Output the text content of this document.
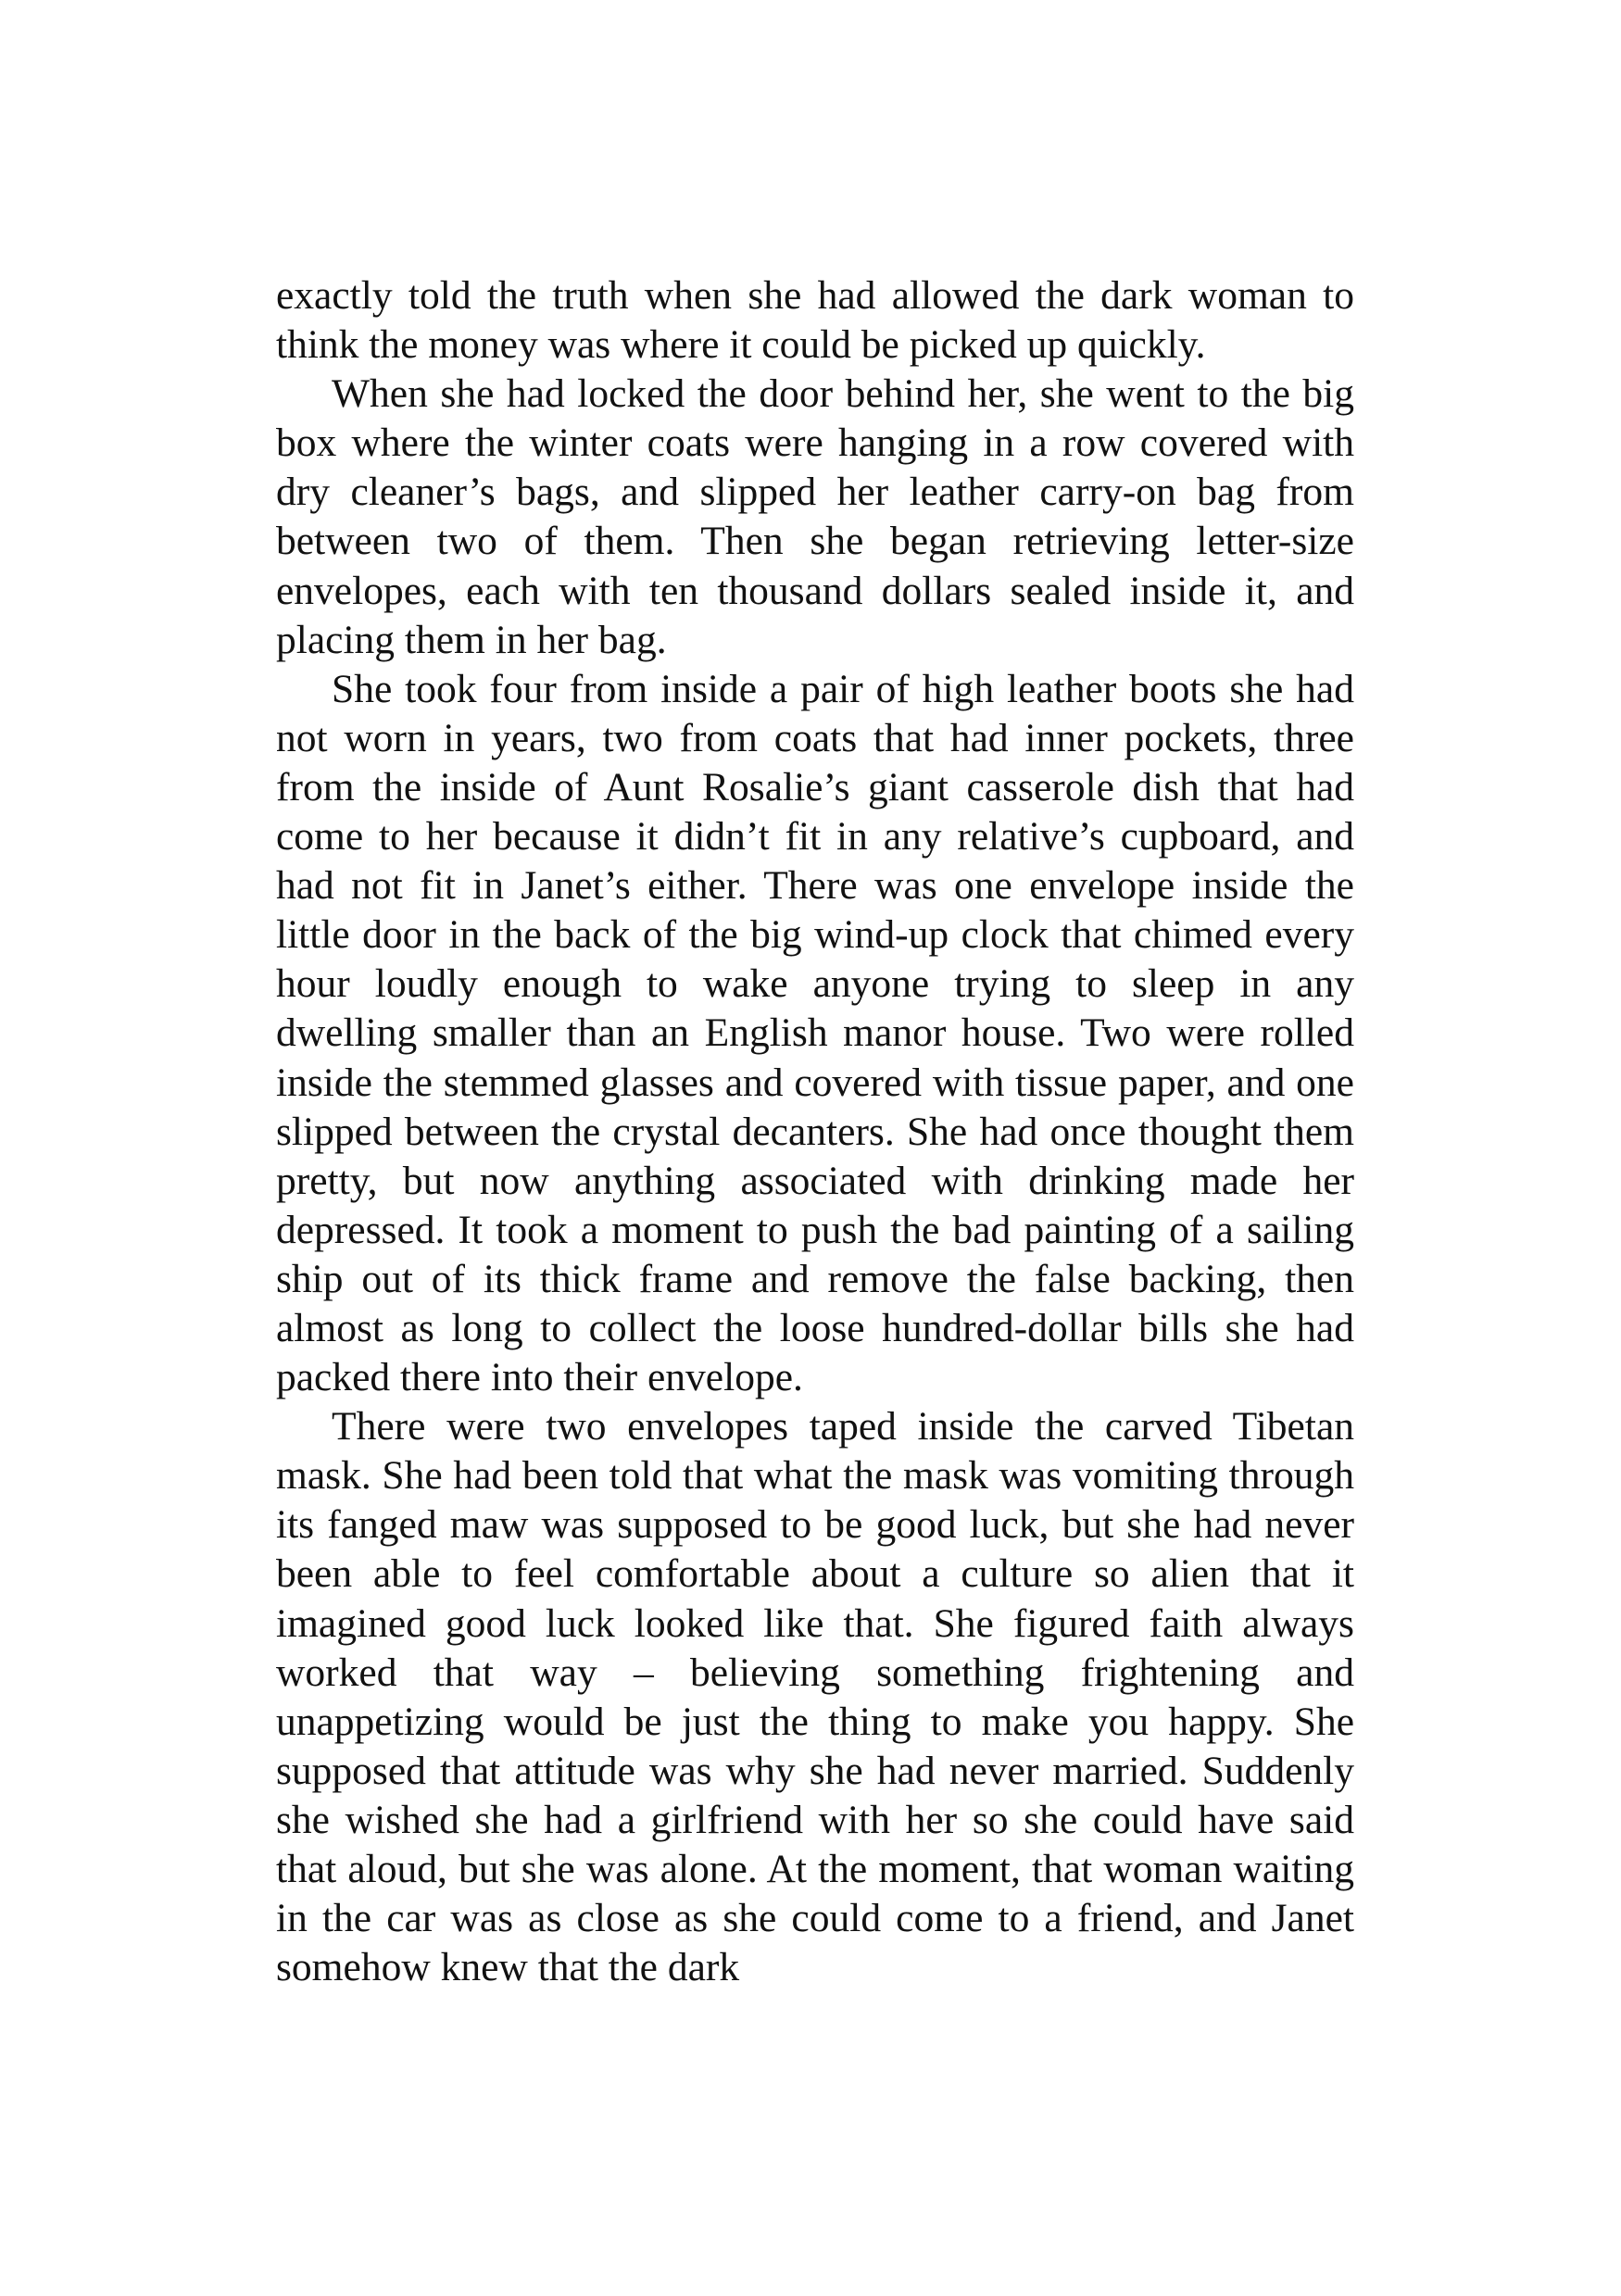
exactly told the truth when she had allowed the dark woman to think the money was where it could be picked up quickly.

When she had locked the door behind her, she went to the big box where the winter coats were hanging in a row covered with dry cleaner’s bags, and slipped her leather carry-on bag from between two of them. Then she began retrieving letter-size envelopes, each with ten thousand dollars sealed inside it, and placing them in her bag.

She took four from inside a pair of high leather boots she had not worn in years, two from coats that had inner pockets, three from the inside of Aunt Rosalie’s giant casserole dish that had come to her because it didn’t fit in any relative’s cupboard, and had not fit in Janet’s either. There was one envelope inside the little door in the back of the big wind-up clock that chimed every hour loudly enough to wake anyone trying to sleep in any dwelling smaller than an English manor house. Two were rolled inside the stemmed glasses and covered with tissue paper, and one slipped between the crystal decanters. She had once thought them pretty, but now anything associated with drinking made her depressed. It took a moment to push the bad painting of a sailing ship out of its thick frame and remove the false backing, then almost as long to collect the loose hundred-dollar bills she had packed there into their envelope.

There were two envelopes taped inside the carved Tibetan mask. She had been told that what the mask was vomiting through its fanged maw was supposed to be good luck, but she had never been able to feel comfortable about a culture so alien that it imagined good luck looked like that. She figured faith always worked that way – believing something frightening and unappetizing would be just the thing to make you happy. She supposed that attitude was why she had never married. Suddenly she wished she had a girlfriend with her so she could have said that aloud, but she was alone. At the moment, that woman waiting in the car was as close as she could come to a friend, and Janet somehow knew that the dark
